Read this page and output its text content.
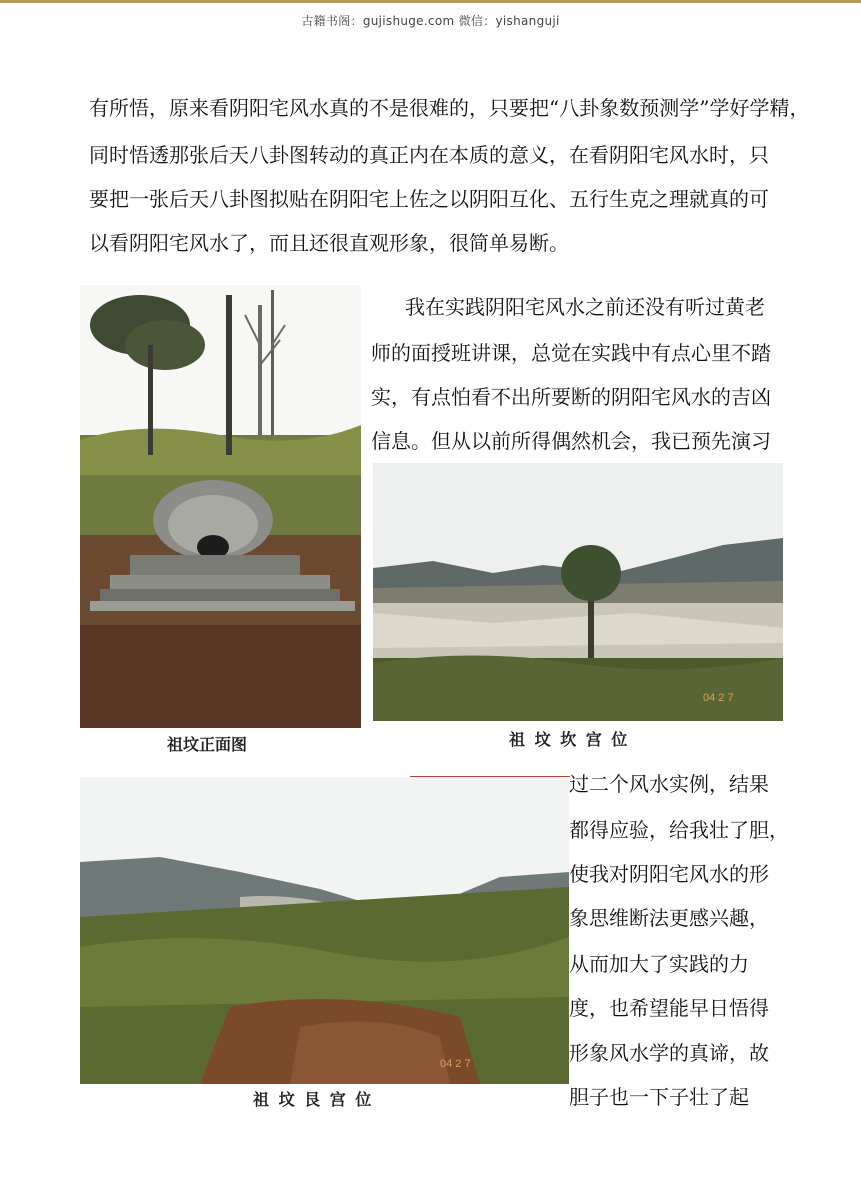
古籍书阁：gujishuge.com 微信：yishanguji
有所悟，原来看阴阳宅风水真的不是很难的，只要把“八卦象数预测学”学好学精，
同时悟透那张后天八卦图转动的真正内在本质的意义，在看阴阳宅风水时，只
要把一张后天八卦图拟贴在阴阳宅上佐之以阴阳互化、五行生克之理就真的可
以看阴阳宅风水了，而且还很直观形象，很简单易断。
我在实践阴阳宅风水之前还没有听过黄老
师的面授班讲课，总觉在实践中有点心里不踏
实，有点怕看不出所要断的阴阳宅风水的吉凶
信息。但从以前所得偶然机会，我已预先演习
祖坟正面图
04 2 7
祖 坟 坎 宫 位
过二个风水实例，结果
都得应验，给我壮了胆，
使我对阴阳宅风水的形
象思维断法更感兴趣，
从而加大了实践的力
度，也希望能早日悟得
形象风水学的真谛，故
胆子也一下子壮了起
04 2 7
祖 坟 艮 宫 位
